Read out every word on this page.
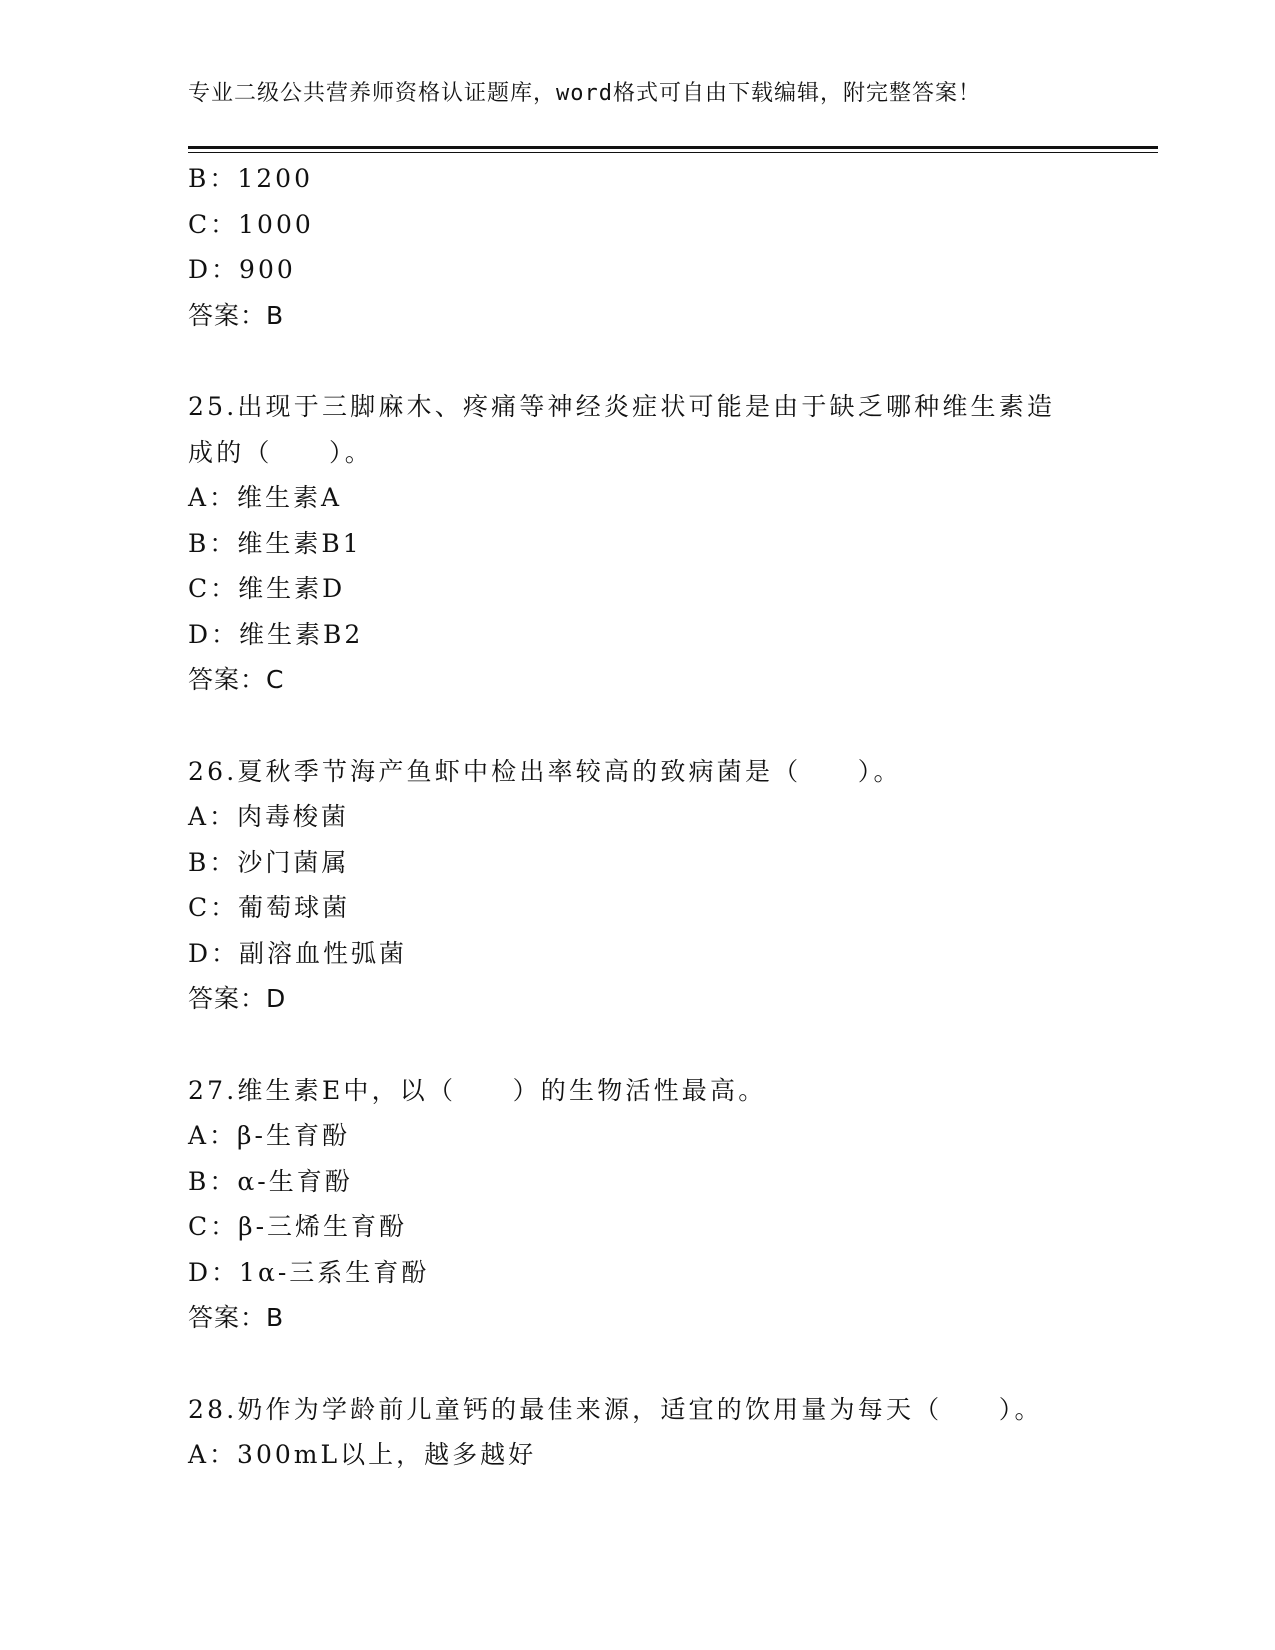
专业二级公共营养师资格认证题库，word格式可自由下载编辑，附完整答案！
B：1200
C：1000
D：900
答案：B
25.出现于三脚麻木、疼痛等神经炎症状可能是由于缺乏哪种维生素造
成的（　　）。
A：维生素A
B：维生素B1
C：维生素D
D：维生素B2
答案：C
26.夏秋季节海产鱼虾中检出率较高的致病菌是（　　）。
A：肉毒梭菌
B：沙门菌属
C：葡萄球菌
D：副溶血性弧菌
答案：D
27.维生素E中，以（　　）的生物活性最高。
A：β-生育酚
B：α-生育酚
C：β-三烯生育酚
D：1α-三系生育酚
答案：B
28.奶作为学龄前儿童钙的最佳来源，适宜的饮用量为每天（　　）。
A：300mL以上，越多越好
